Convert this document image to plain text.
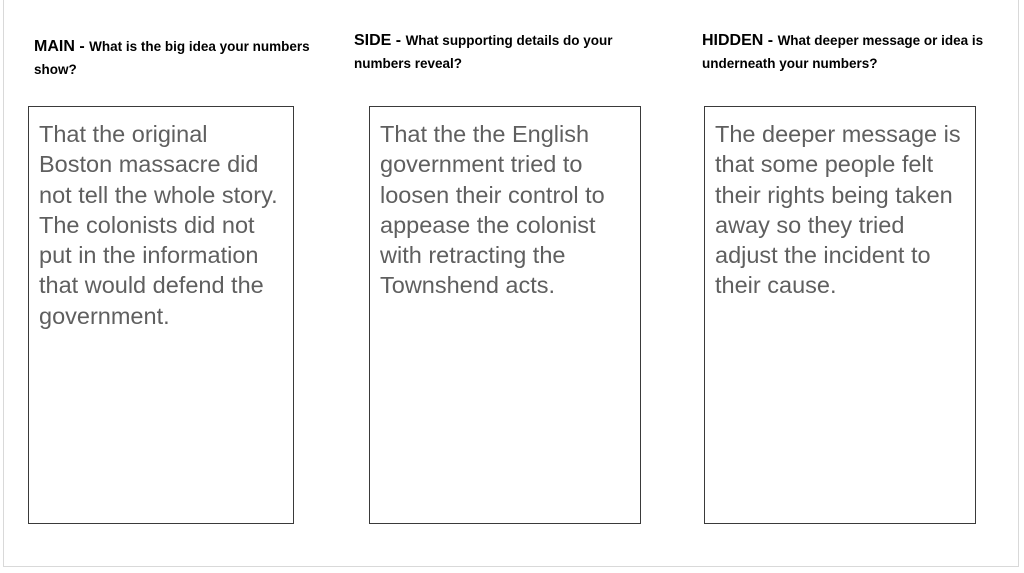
MAIN - What is the big idea your numbers show?

That the original Boston massacre did not tell the whole story. The colonists did not put in the information that would defend the government.

SIDE - What supporting details do your numbers reveal?

That the the English government tried to loosen their control to appease the colonist with retracting the Townshend acts.

HIDDEN - What deeper message or idea is underneath your numbers?

The deeper message is that some people felt their rights being taken away so they tried adjust the incident to their cause.
